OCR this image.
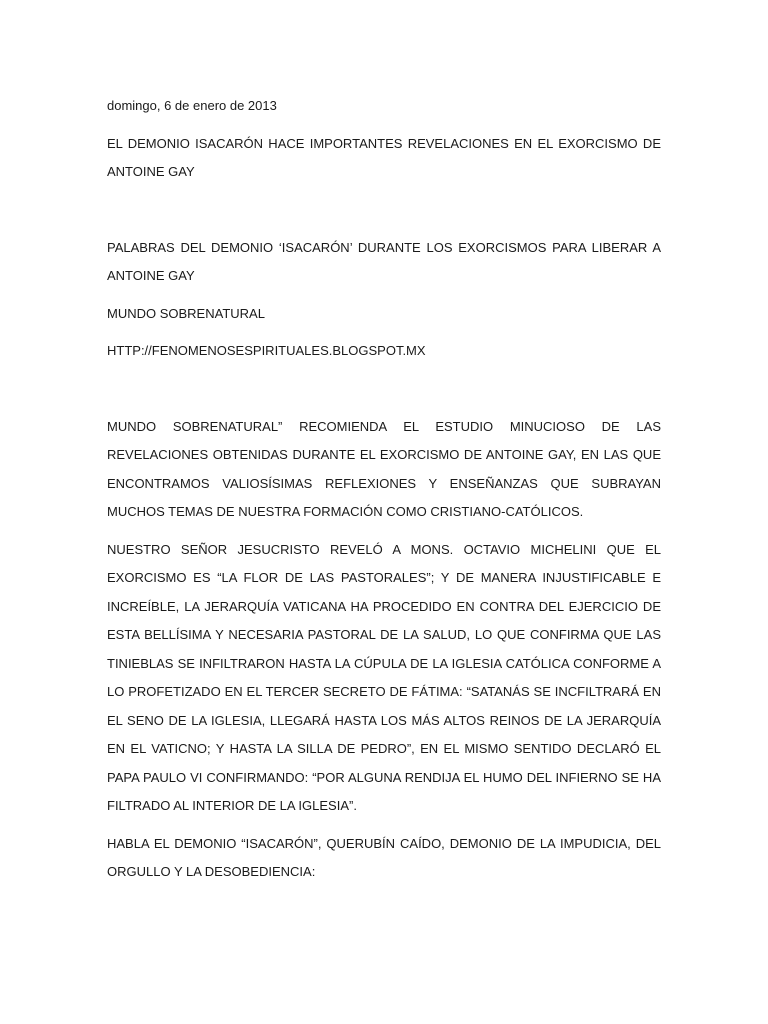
domingo, 6 de enero de 2013

EL DEMONIO ISACARÓN HACE IMPORTANTES REVELACIONES EN EL EXORCISMO DE ANTOINE GAY

PALABRAS DEL DEMONIO ‘ISACARÓN’ DURANTE LOS EXORCISMOS PARA LIBERAR A ANTOINE GAY

MUNDO SOBRENATURAL

HTTP://FENOMENOSESPIRITUALES.BLOGSPOT.MX

MUNDO SOBRENATURAL” RECOMIENDA EL ESTUDIO MINUCIOSO DE LAS REVELACIONES OBTENIDAS DURANTE EL EXORCISMO DE ANTOINE GAY, EN LAS QUE ENCONTRAMOS VALIOSÍSIMAS REFLEXIONES Y ENSEÑANZAS QUE SUBRAYAN MUCHOS TEMAS DE NUESTRA FORMACIÓN COMO CRISTIANO-CATÓLICOS.

NUESTRO SEÑOR JESUCRISTO REVELÓ A MONS. OCTAVIO MICHELINI QUE EL EXORCISMO ES “LA FLOR DE LAS PASTORALES”; Y DE MANERA INJUSTIFICABLE E INCREÍBLE, LA JERARQUÍA VATICANA HA PROCEDIDO EN CONTRA DEL EJERCICIO DE ESTA BELLÍSIMA Y NECESARIA PASTORAL DE LA SALUD, LO QUE CONFIRMA QUE LAS TINIEBLAS SE INFILTRARON HASTA LA CÚPULA DE LA IGLESIA CATÓLICA CONFORME A LO PROFETIZADO EN EL TERCER SECRETO DE FÁTIMA: “SATANÁS SE INCFILTRARÁ EN EL SENO DE LA IGLESIA, LLEGARÁ HASTA LOS MÁS ALTOS REINOS DE LA JERARQUÍA EN EL VATICNO; Y HASTA LA SILLA DE PEDRO”, EN EL MISMO SENTIDO DECLARÓ EL PAPA PAULO VI CONFIRMANDO: “POR ALGUNA RENDIJA EL HUMO DEL INFIERNO SE HA FILTRADO AL INTERIOR DE LA IGLESIA”.

HABLA EL DEMONIO “ISACARÓN”, QUERUBÍN CAÍDO, DEMONIO DE LA IMPUDICIA, DEL ORGULLO Y LA DESOBEDIENCIA:
